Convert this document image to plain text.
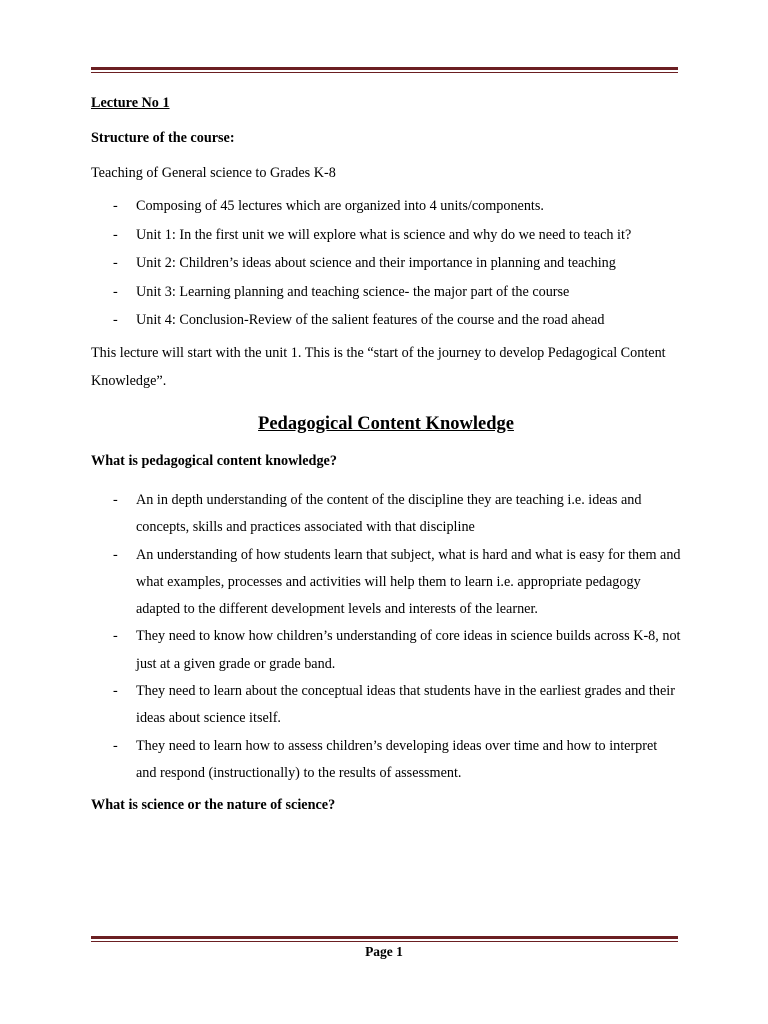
Lecture No 1

Structure of the course:

Teaching of General science to Grades K-8

- Composing of 45 lectures which are organized into 4 units/components.
- Unit 1: In the first unit we will explore what is science and why do we need to teach it?
- Unit 2: Children’s ideas about science and their importance in planning and teaching
- Unit 3: Learning planning and teaching science- the major part of the course
- Unit 4: Conclusion-Review of the salient features of the course and the road ahead

This lecture will start with the unit 1. This is the “start of the journey to develop Pedagogical Content Knowledge”.

Pedagogical Content Knowledge

What is pedagogical content knowledge?

- An in depth understanding of the content of the discipline they are teaching i.e. ideas and concepts, skills and practices associated with that discipline
- An understanding of how students learn that subject, what is hard and what is easy for them and what examples, processes and activities will help them to learn i.e. appropriate pedagogy adapted to the different development levels and interests of the learner.
- They need to know how children’s understanding of core ideas in science builds across K-8, not just at a given grade or grade band.
- They need to learn about the conceptual ideas that students have in the earliest grades and their ideas about science itself.
- They need to learn how to assess children’s developing ideas over time and how to interpret and respond (instructionally) to the results of assessment.

What is science or the nature of science?

Page 1
